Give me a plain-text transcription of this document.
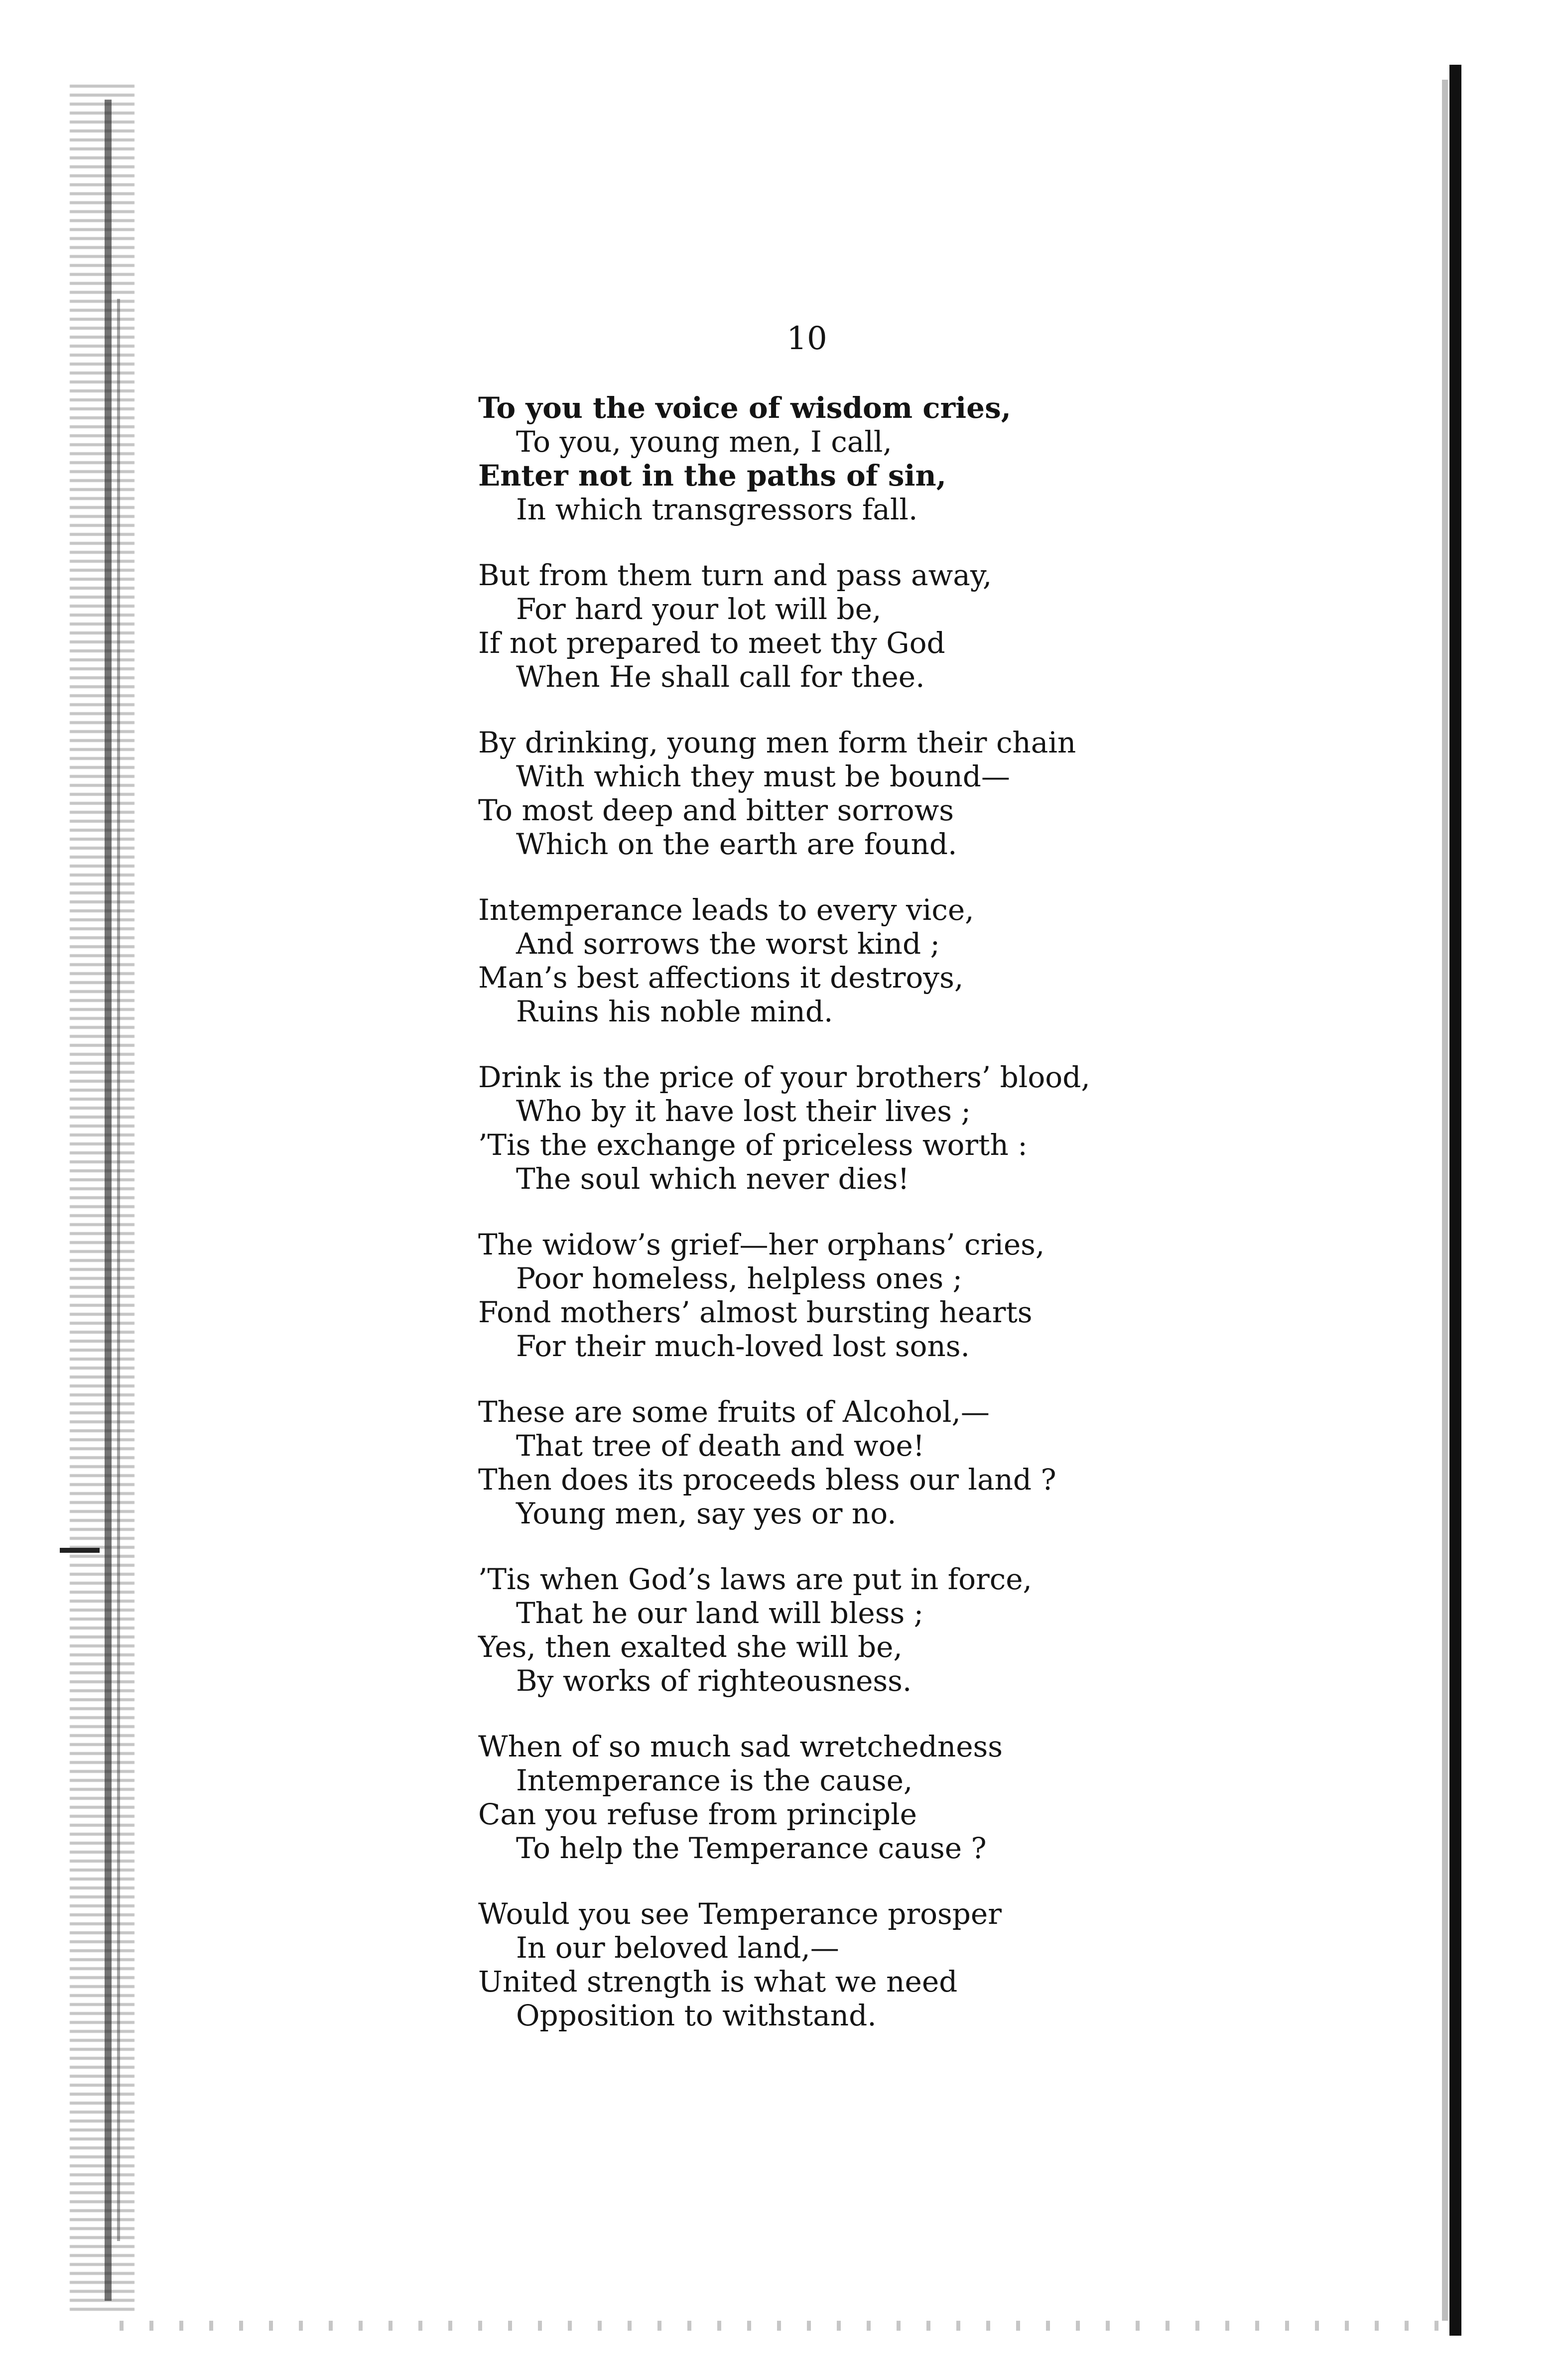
10
To you the voice of wisdom cries,
To you, young men, I call,
Enter not in the paths of sin,
In which transgressors fall.
But from them turn and pass away,
For hard your lot will be,
If not prepared to meet thy God
When He shall call for thee.
By drinking, young men form their chain
With which they must be bound—
To most deep and bitter sorrows
Which on the earth are found.
Intemperance leads to every vice,
And sorrows the worst kind ;
Man’s best affections it destroys,
Ruins his noble mind.
Drink is the price of your brothers’ blood,
Who by it have lost their lives ;
’Tis the exchange of priceless worth :
The soul which never dies!
The widow’s grief—her orphans’ cries,
Poor homeless, helpless ones ;
Fond mothers’ almost bursting hearts
For their much-loved lost sons.
These are some fruits of Alcohol,—
That tree of death and woe!
Then does its proceeds bless our land ?
Young men, say yes or no.
’Tis when God’s laws are put in force,
That he our land will bless ;
Yes, then exalted she will be,
By works of righteousness.
When of so much sad wretchedness
Intemperance is the cause,
Can you refuse from principle
To help the Temperance cause ?
Would you see Temperance prosper
In our beloved land,—
United strength is what we need
Opposition to withstand.
